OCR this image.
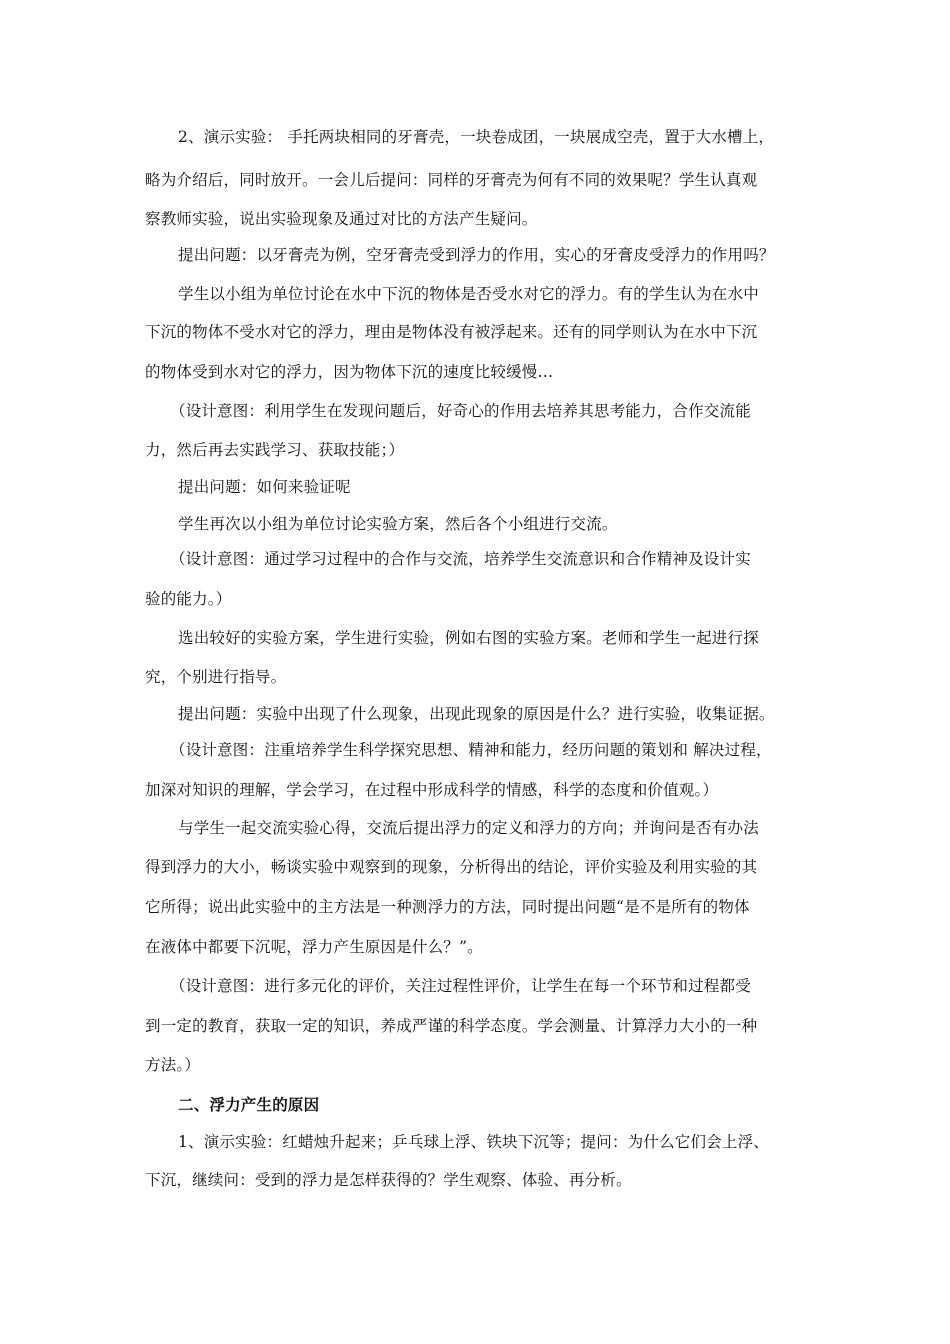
2、演示实验： 手托两块相同的牙膏壳，一块卷成团，一块展成空壳，置于大水槽上，
略为介绍后，同时放开。一会儿后提问：同样的牙膏壳为何有不同的效果呢？学生认真观
察教师实验，说出实验现象及通过对比的方法产生疑问。
提出问题：以牙膏壳为例，空牙膏壳受到浮力的作用，实心的牙膏皮受浮力的作用吗？
学生以小组为单位讨论在水中下沉的物体是否受水对它的浮力。有的学生认为在水中
下沉的物体不受水对它的浮力，理由是物体没有被浮起来。还有的同学则认为在水中下沉
的物体受到水对它的浮力，因为物体下沉的速度比较缓慢…
（设计意图：利用学生在发现问题后，好奇心的作用去培养其思考能力，合作交流能
力，然后再去实践学习、获取技能；）
提出问题：如何来验证呢
学生再次以小组为单位讨论实验方案，然后各个小组进行交流。
（设计意图：通过学习过程中的合作与交流，培养学生交流意识和合作精神及设计实
验的能力。）
选出较好的实验方案，学生进行实验，例如右图的实验方案。老师和学生一起进行探
究，个别进行指导。
提出问题：实验中出现了什么现象，出现此现象的原因是什么？进行实验，收集证据。
（设计意图：注重培养学生科学探究思想、精神和能力，经历问题的策划和 解决过程，
加深对知识的理解，学会学习，在过程中形成科学的情感，科学的态度和价值观。）
与学生一起交流实验心得，交流后提出浮力的定义和浮力的方向；并询问是否有办法
得到浮力的大小，畅谈实验中观察到的现象，分析得出的结论，评价实验及利用实验的其
它所得；说出此实验中的主方法是一种测浮力的方法，同时提出问题“是不是所有的物体
在液体中都要下沉呢，浮力产生原因是什么？”。
（设计意图：进行多元化的评价，关注过程性评价，让学生在每一个环节和过程都受
到一定的教育，获取一定的知识，养成严谨的科学态度。学会测量、计算浮力大小的一种
方法。）
二、浮力产生的原因
1、演示实验：红蜡烛升起来；乒乓球上浮、铁块下沉等；提问：为什么它们会上浮、
下沉，继续问：受到的浮力是怎样获得的？学生观察、体验、再分析。
